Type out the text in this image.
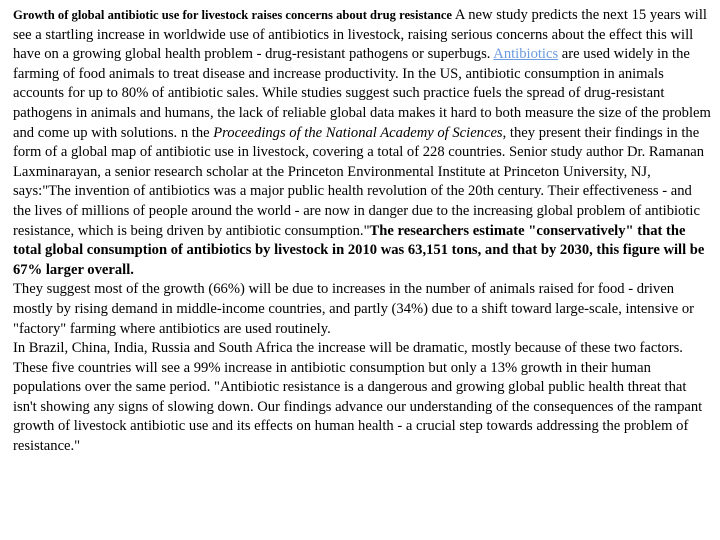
Growth of global antibiotic use for livestock raises concerns about drug resistance A new study predicts the next 15 years will see a startling increase in worldwide use of antibiotics in livestock, raising serious concerns about the effect this will have on a growing global health problem - drug-resistant pathogens or superbugs. Antibiotics are used widely in the farming of food animals to treat disease and increase productivity. In the US, antibiotic consumption in animals accounts for up to 80% of antibiotic sales. While studies suggest such practice fuels the spread of drug-resistant pathogens in animals and humans, the lack of reliable global data makes it hard to both measure the size of the problem and come up with solutions. n the Proceedings of the National Academy of Sciences, they present their findings in the form of a global map of antibiotic use in livestock, covering a total of 228 countries. Senior study author Dr. Ramanan Laxminarayan, a senior research scholar at the Princeton Environmental Institute at Princeton University, NJ, says:"The invention of antibiotics was a major public health revolution of the 20th century. Their effectiveness - and the lives of millions of people around the world - are now in danger due to the increasing global problem of antibiotic resistance, which is being driven by antibiotic consumption."The researchers estimate "conservatively" that the total global consumption of antibiotics by livestock in 2010 was 63,151 tons, and that by 2030, this figure will be 67% larger overall.

They suggest most of the growth (66%) will be due to increases in the number of animals raised for food - driven mostly by rising demand in middle-income countries, and partly (34%) due to a shift toward large-scale, intensive or "factory" farming where antibiotics are used routinely.

In Brazil, China, India, Russia and South Africa the increase will be dramatic, mostly because of these two factors. These five countries will see a 99% increase in antibiotic consumption but only a 13% growth in their human populations over the same period. "Antibiotic resistance is a dangerous and growing global public health threat that isn't showing any signs of slowing down. Our findings advance our understanding of the consequences of the rampant growth of livestock antibiotic use and its effects on human health - a crucial step towards addressing the problem of resistance."
